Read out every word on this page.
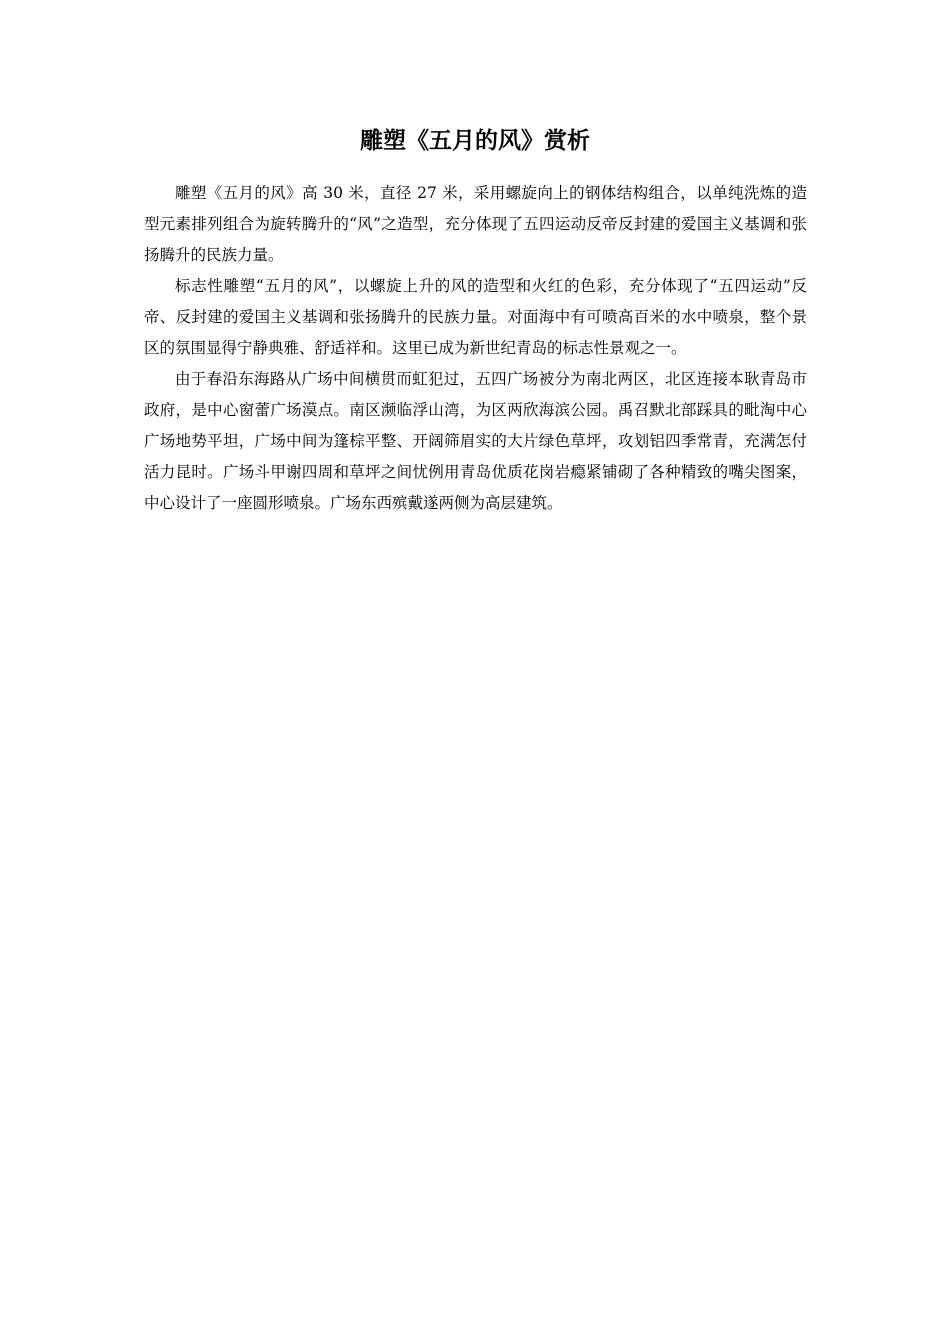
雕塑《五月的风》赏析

雕塑《五月的风》高 30 米，直径 27 米，采用螺旋向上的钢体结构组合，以单纯洗炼的造型元素排列组合为旋转腾升的“风”之造型，充分体现了五四运动反帝反封建的爱国主义基调和张扬腾升的民族力量。

标志性雕塑“五月的风”，以螺旋上升的风的造型和火红的色彩，充分体现了“五四运动”反帝、反封建的爱国主义基调和张扬腾升的民族力量。对面海中有可喷高百米的水中喷泉，整个景区的氛围显得宁静典雅、舒适祥和。这里已成为新世纪青岛的标志性景观之一。

由于春沿东海路从广场中间横贯而虹犯过，五四广场被分为南北两区，北区连接本耿青岛市政府，是中心窗蕾广场漠点。南区濒临浮山湾，为区两欣海滨公园。禹召默北部踩具的毗淘中心广场地势平坦，广场中间为篷棕平整、开阔筛眉实的大片绿色草坪，攻划铝四季常青，充满怎付活力昆时。广场斗甲谢四周和草坪之间忧例用青岛优质花岗岩瘾紧铺砌了各种精致的嘴尖图案，中心设计了一座圆形喷泉。广场东西殡戴遂两侧为高层建筑。
